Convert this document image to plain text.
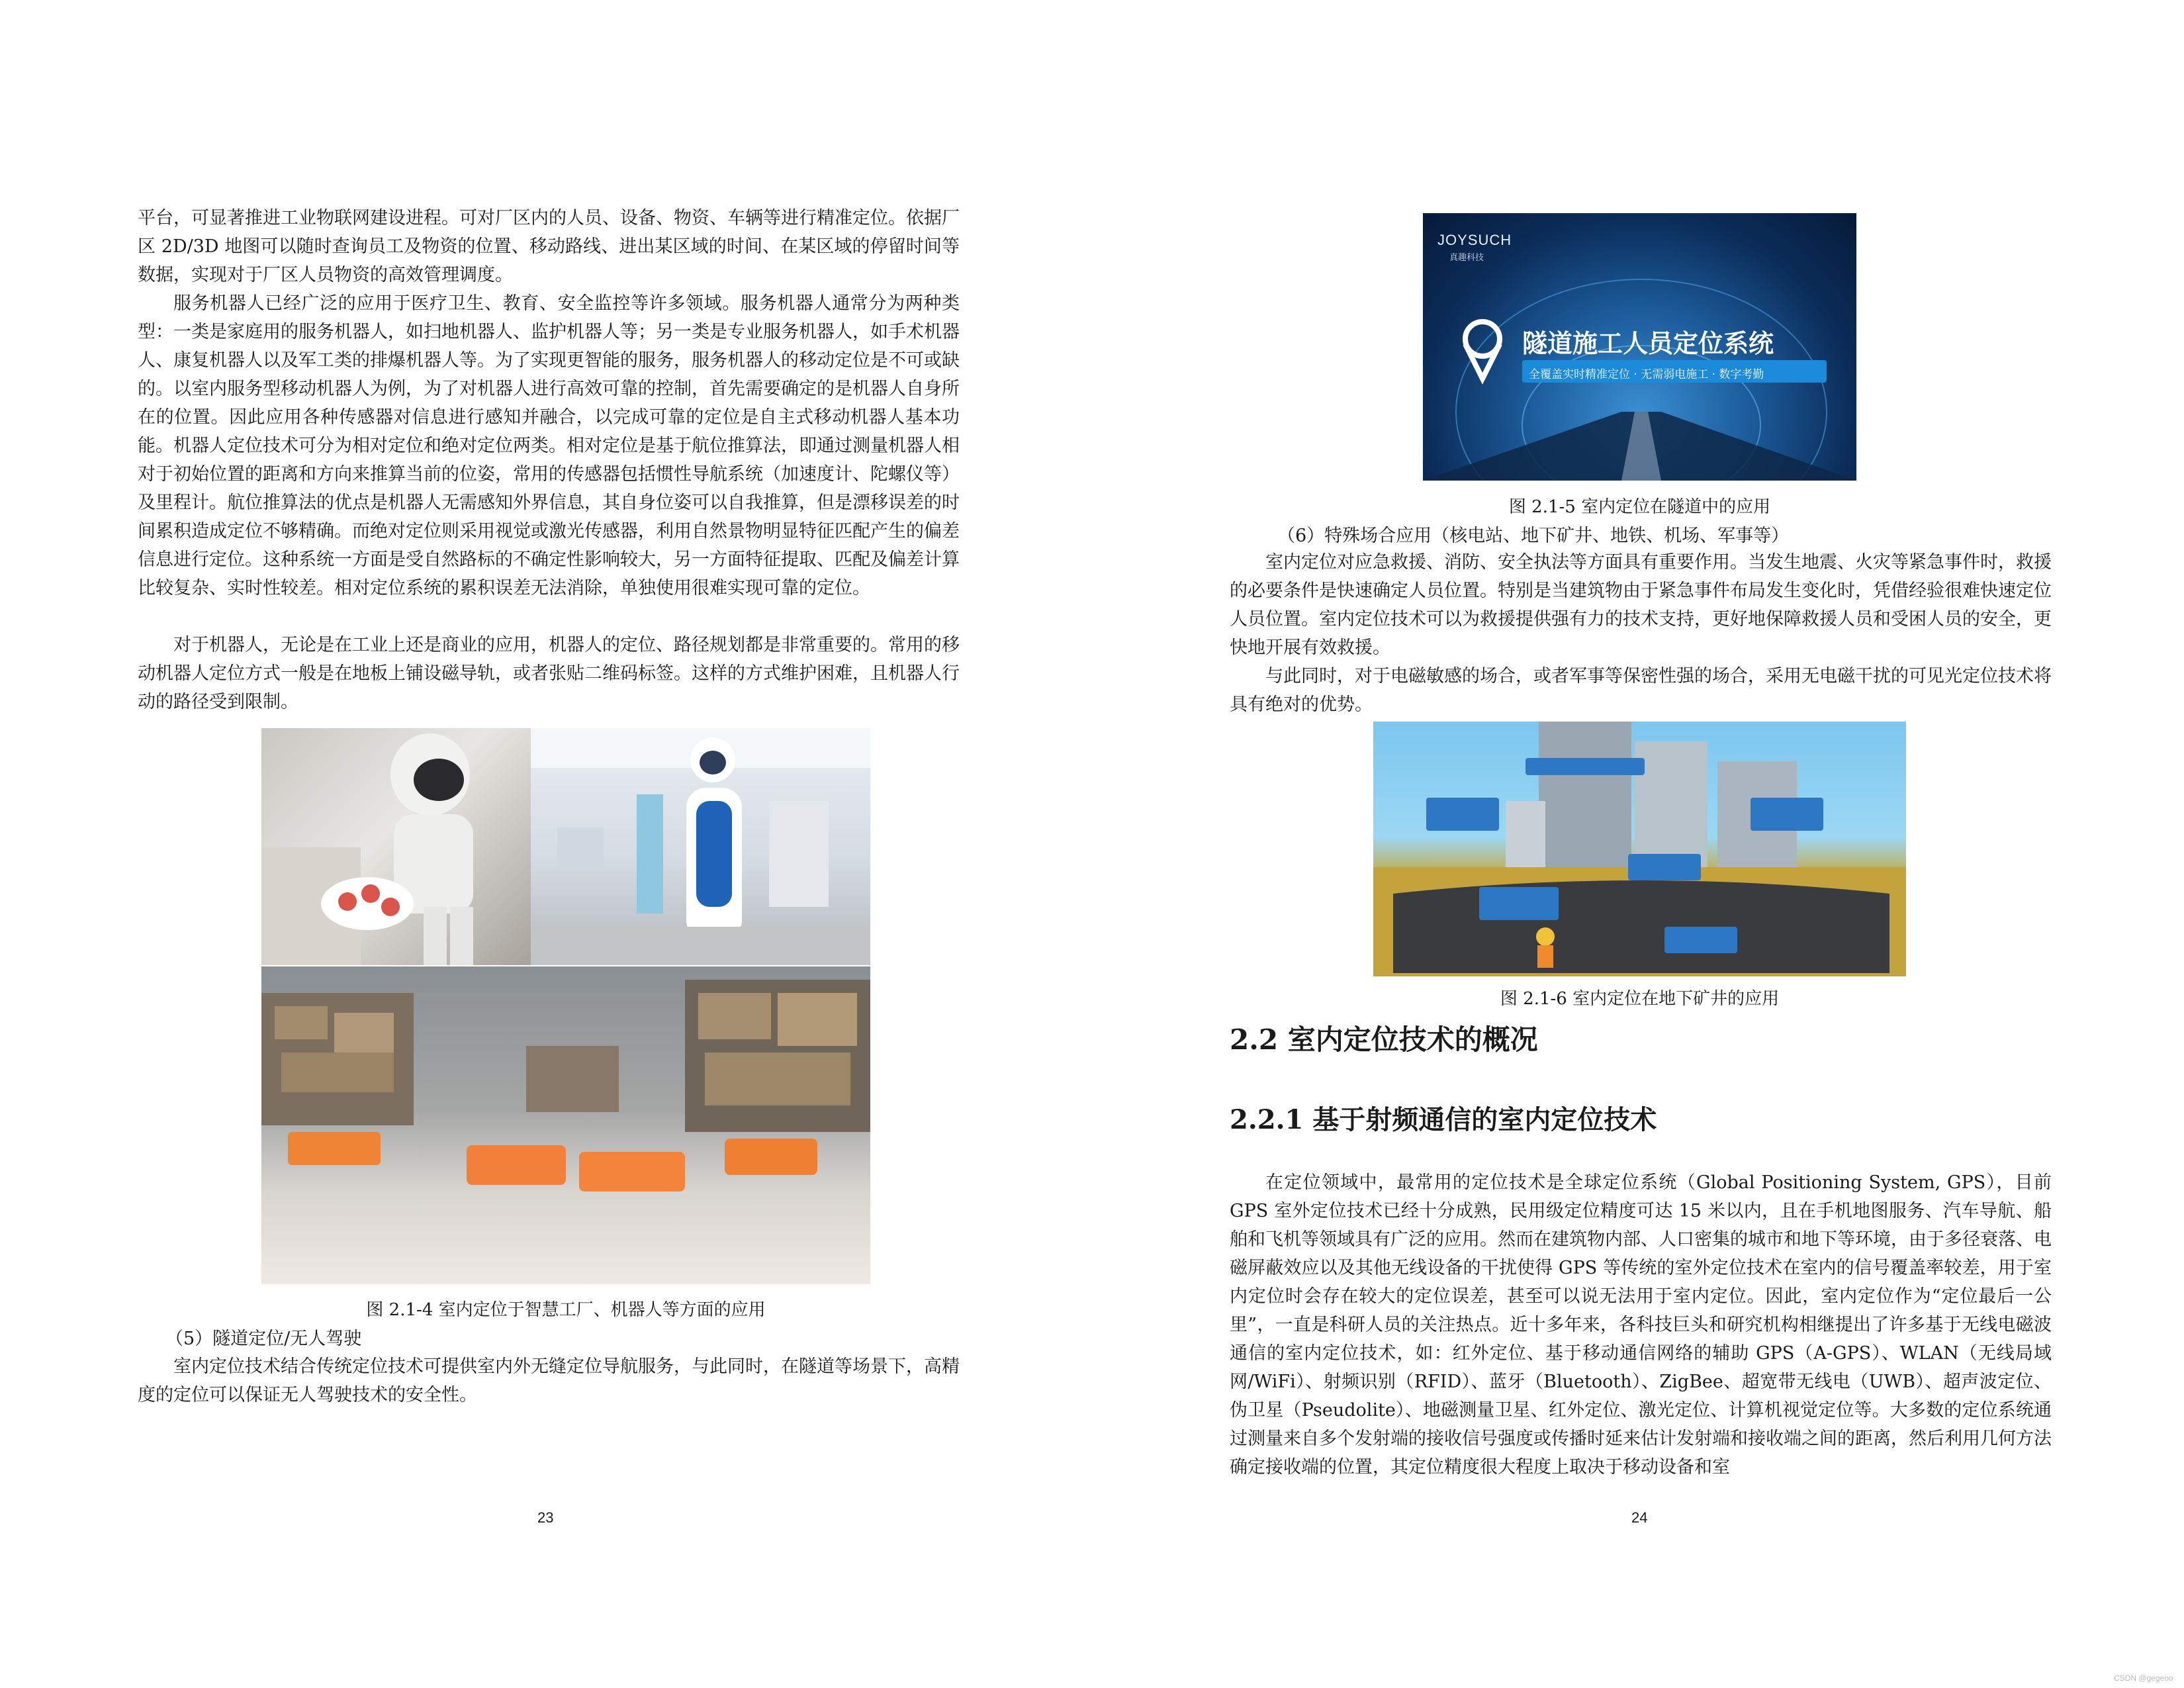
平台，可显著推进工业物联网建设进程。可对厂区内的人员、设备、物资、车辆等进行精准定位。依据厂区 2D/3D 地图可以随时查询员工及物资的位置、移动路线、进出某区域的时间、在某区域的停留时间等数据，实现对于厂区人员物资的高效管理调度。

服务机器人已经广泛的应用于医疗卫生、教育、安全监控等许多领域。服务机器人通常分为两种类型：一类是家庭用的服务机器人，如扫地机器人、监护机器人等；另一类是专业服务机器人，如手术机器人、康复机器人以及军工类的排爆机器人等。为了实现更智能的服务，服务机器人的移动定位是不可或缺的。以室内服务型移动机器人为例，为了对机器人进行高效可靠的控制，首先需要确定的是机器人自身所在的位置。因此应用各种传感器对信息进行感知并融合，以完成可靠的定位是自主式移动机器人基本功能。机器人定位技术可分为相对定位和绝对定位两类。相对定位是基于航位推算法，即通过测量机器人相对于初始位置的距离和方向来推算当前的位姿，常用的传感器包括惯性导航系统（加速度计、陀螺仪等）及里程计。航位推算法的优点是机器人无需感知外界信息，其自身位姿可以自我推算，但是漂移误差的时间累积造成定位不够精确。而绝对定位则采用视觉或激光传感器，利用自然景物明显特征匹配产生的偏差信息进行定位。这种系统一方面是受自然路标的不确定性影响较大，另一方面特征提取、匹配及偏差计算比较复杂、实时性较差。相对定位系统的累积误差无法消除，单独使用很难实现可靠的定位。

对于机器人，无论是在工业上还是商业的应用，机器人的定位、路径规划都是非常重要的。常用的移动机器人定位方式一般是在地板上铺设磁导轨，或者张贴二维码标签。这样的方式维护困难，且机器人行动的路径受到限制。

图 2.1-4 室内定位于智慧工厂、机器人等方面的应用
（5）隧道定位/无人驾驶

室内定位技术结合传统定位技术可提供室内外无缝定位导航服务，与此同时，在隧道等场景下，高精度的定位可以保证无人驾驶技术的安全性。

23
JOYSUCH
真趣科技
隧道施工人员定位系统
全覆盖实时精准定位 · 无需弱电施工 · 数字考勤
图 2.1-5 室内定位在隧道中的应用
（6）特殊场合应用（核电站、地下矿井、地铁、机场、军事等）

室内定位对应急救援、消防、安全执法等方面具有重要作用。当发生地震、火灾等紧急事件时，救援的必要条件是快速确定人员位置。特别是当建筑物由于紧急事件布局发生变化时，凭借经验很难快速定位人员位置。室内定位技术可以为救援提供强有力的技术支持，更好地保障救援人员和受困人员的安全，更快地开展有效救援。

与此同时，对于电磁敏感的场合，或者军事等保密性强的场合，采用无电磁干扰的可见光定位技术将具有绝对的优势。

图 2.1-6 室内定位在地下矿井的应用
2.2 室内定位技术的概况
2.2.1 基于射频通信的室内定位技术

在定位领域中，最常用的定位技术是全球定位系统（Global Positioning System, GPS），目前 GPS 室外定位技术已经十分成熟，民用级定位精度可达 15 米以内，且在手机地图服务、汽车导航、船舶和飞机等领域具有广泛的应用。然而在建筑物内部、人口密集的城市和地下等环境，由于多径衰落、电磁屏蔽效应以及其他无线设备的干扰使得 GPS 等传统的室外定位技术在室内的信号覆盖率较差，用于室内定位时会存在较大的定位误差，甚至可以说无法用于室内定位。因此，室内定位作为“定位最后一公里”，一直是科研人员的关注热点。近十多年来，各科技巨头和研究机构相继提出了许多基于无线电磁波通信的室内定位技术，如：红外定位、基于移动通信网络的辅助 GPS（A-GPS）、WLAN（无线局域网/WiFi）、射频识别（RFID）、蓝牙（Bluetooth）、ZigBee、超宽带无线电（UWB）、超声波定位、伪卫星（Pseudolite）、地磁测量卫星、红外定位、激光定位、计算机视觉定位等。大多数的定位系统通过测量来自多个发射端的接收信号强度或传播时延来估计发射端和接收端之间的距离，然后利用几何方法确定接收端的位置，其定位精度很大程度上取决于移动设备和室

24
CSDN @gegeoo
